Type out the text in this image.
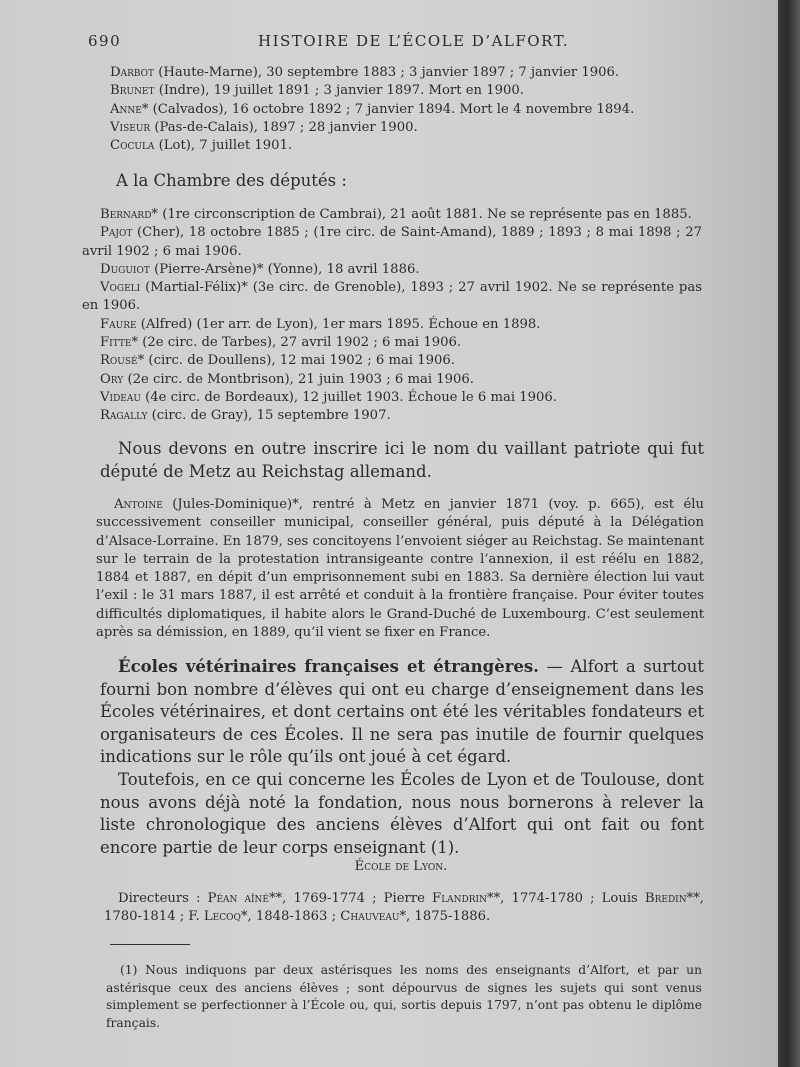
690	HISTOIRE DE L’ÉCOLE D’ALFORT.

Darbot (Haute-Marne), 30 septembre 1883 ; 3 janvier 1897 ; 7 janvier 1906.

Brunet (Indre), 19 juillet 1891 ; 3 janvier 1897. Mort en 1900.

Anne* (Calvados), 16 octobre 1892 ; 7 janvier 1894. Mort le 4 novembre 1894.

Viseur (Pas-de-Calais), 1897 ; 28 janvier 1900.

Cocula (Lot), 7 juillet 1901.

A la Chambre des députés :

Bernard* (1re circonscription de Cambrai), 21 août 1881. Ne se représente pas en 1885.

Pajot (Cher), 18 octobre 1885 ; (1re circ. de Saint-Amand), 1889 ; 1893 ; 8 mai 1898 ; 27 avril 1902 ; 6 mai 1906.

Duguiot (Pierre-Arsène)* (Yonne), 18 avril 1886.

Vogeli (Martial-Félix)* (3e circ. de Grenoble), 1893 ; 27 avril 1902. Ne se représente pas en 1906.

Faure (Alfred) (1er arr. de Lyon), 1er mars 1895. Échoue en 1898.

Fitte* (2e circ. de Tarbes), 27 avril 1902 ; 6 mai 1906.

Rousé* (circ. de Doullens), 12 mai 1902 ; 6 mai 1906.

Ory (2e circ. de Montbrison), 21 juin 1903 ; 6 mai 1906.

Videau (4e circ. de Bordeaux), 12 juillet 1903. Échoue le 6 mai 1906.

Ragally (circ. de Gray), 15 septembre 1907.

Nous devons en outre inscrire ici le nom du vaillant patriote qui fut député de Metz au Reichstag allemand.

Antoine (Jules-Dominique)*, rentré à Metz en janvier 1871 (voy. p. 665), est élu successivement conseiller municipal, conseiller général, puis député à la Délégation d’Alsace-Lorraine. En 1879, ses concitoyens l’envoient siéger au Reichstag. Se maintenant sur le terrain de la protestation intransigeante contre l’annexion, il est réélu en 1882, 1884 et 1887, en dépit d’un emprisonnement subi en 1883. Sa dernière élection lui vaut l’exil : le 31 mars 1887, il est arrêté et conduit à la frontière française. Pour éviter toutes difficultés diplomatiques, il habite alors le Grand-Duché de Luxembourg. C’est seulement après sa démission, en 1889, qu’il vient se fixer en France.

Écoles vétérinaires françaises et étrangères. — Alfort a surtout fourni bon nombre d’élèves qui ont eu charge d’enseignement dans les Écoles vétérinaires, et dont certains ont été les véritables fondateurs et organisateurs de ces Écoles. Il ne sera pas inutile de fournir quelques indications sur le rôle qu’ils ont joué à cet égard.

Toutefois, en ce qui concerne les Écoles de Lyon et de Toulouse, dont nous avons déjà noté la fondation, nous nous bornerons à relever la liste chronologique des anciens élèves d’Alfort qui ont fait ou font encore partie de leur corps enseignant (1).

École de Lyon.

Directeurs : Péan aîné**, 1769-1774 ; Pierre Flandrin**, 1774-1780 ; Louis Bredin**, 1780-1814 ; F. Lecoq*, 1848-1863 ; Chauveau*, 1875-1886.

(1) Nous indiquons par deux astérisques les noms des enseignants d’Alfort, et par un astérisque ceux des anciens élèves ; sont dépourvus de signes les sujets qui sont venus simplement se perfectionner à l’École ou, qui, sortis depuis 1797, n’ont pas obtenu le diplôme français.
